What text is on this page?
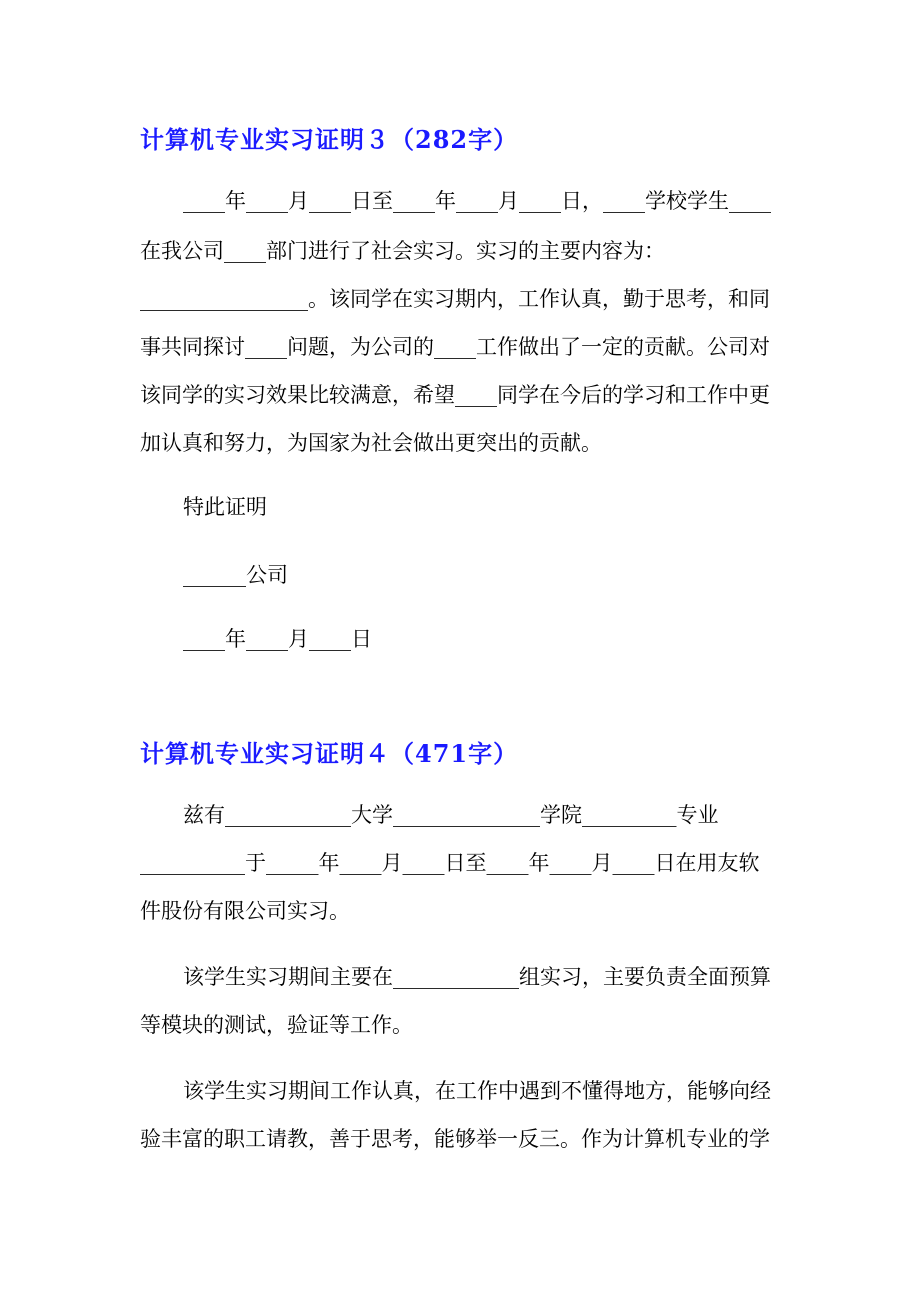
计算机专业实习证明３（282字）
____年____月____日至____年____月____日，____学校学生____
在我公司____部门进行了社会实习。实习的主要内容为：
________________。该同学在实习期内，工作认真，勤于思考，和同
事共同探讨____问题，为公司的____工作做出了一定的贡献。公司对
该同学的实习效果比较满意，希望____同学在今后的学习和工作中更
加认真和努力，为国家为社会做出更突出的贡献。
特此证明
______公司
____年____月____日
计算机专业实习证明４（471字）
兹有____________大学______________学院_________专业
__________于_____年____月____日至____年____月____日在用友软
件股份有限公司实习。
该学生实习期间主要在____________组实习，主要负责全面预算
等模块的测试，验证等工作。
该学生实习期间工作认真，在工作中遇到不懂得地方，能够向经
验丰富的职工请教，善于思考，能够举一反三。作为计算机专业的学
